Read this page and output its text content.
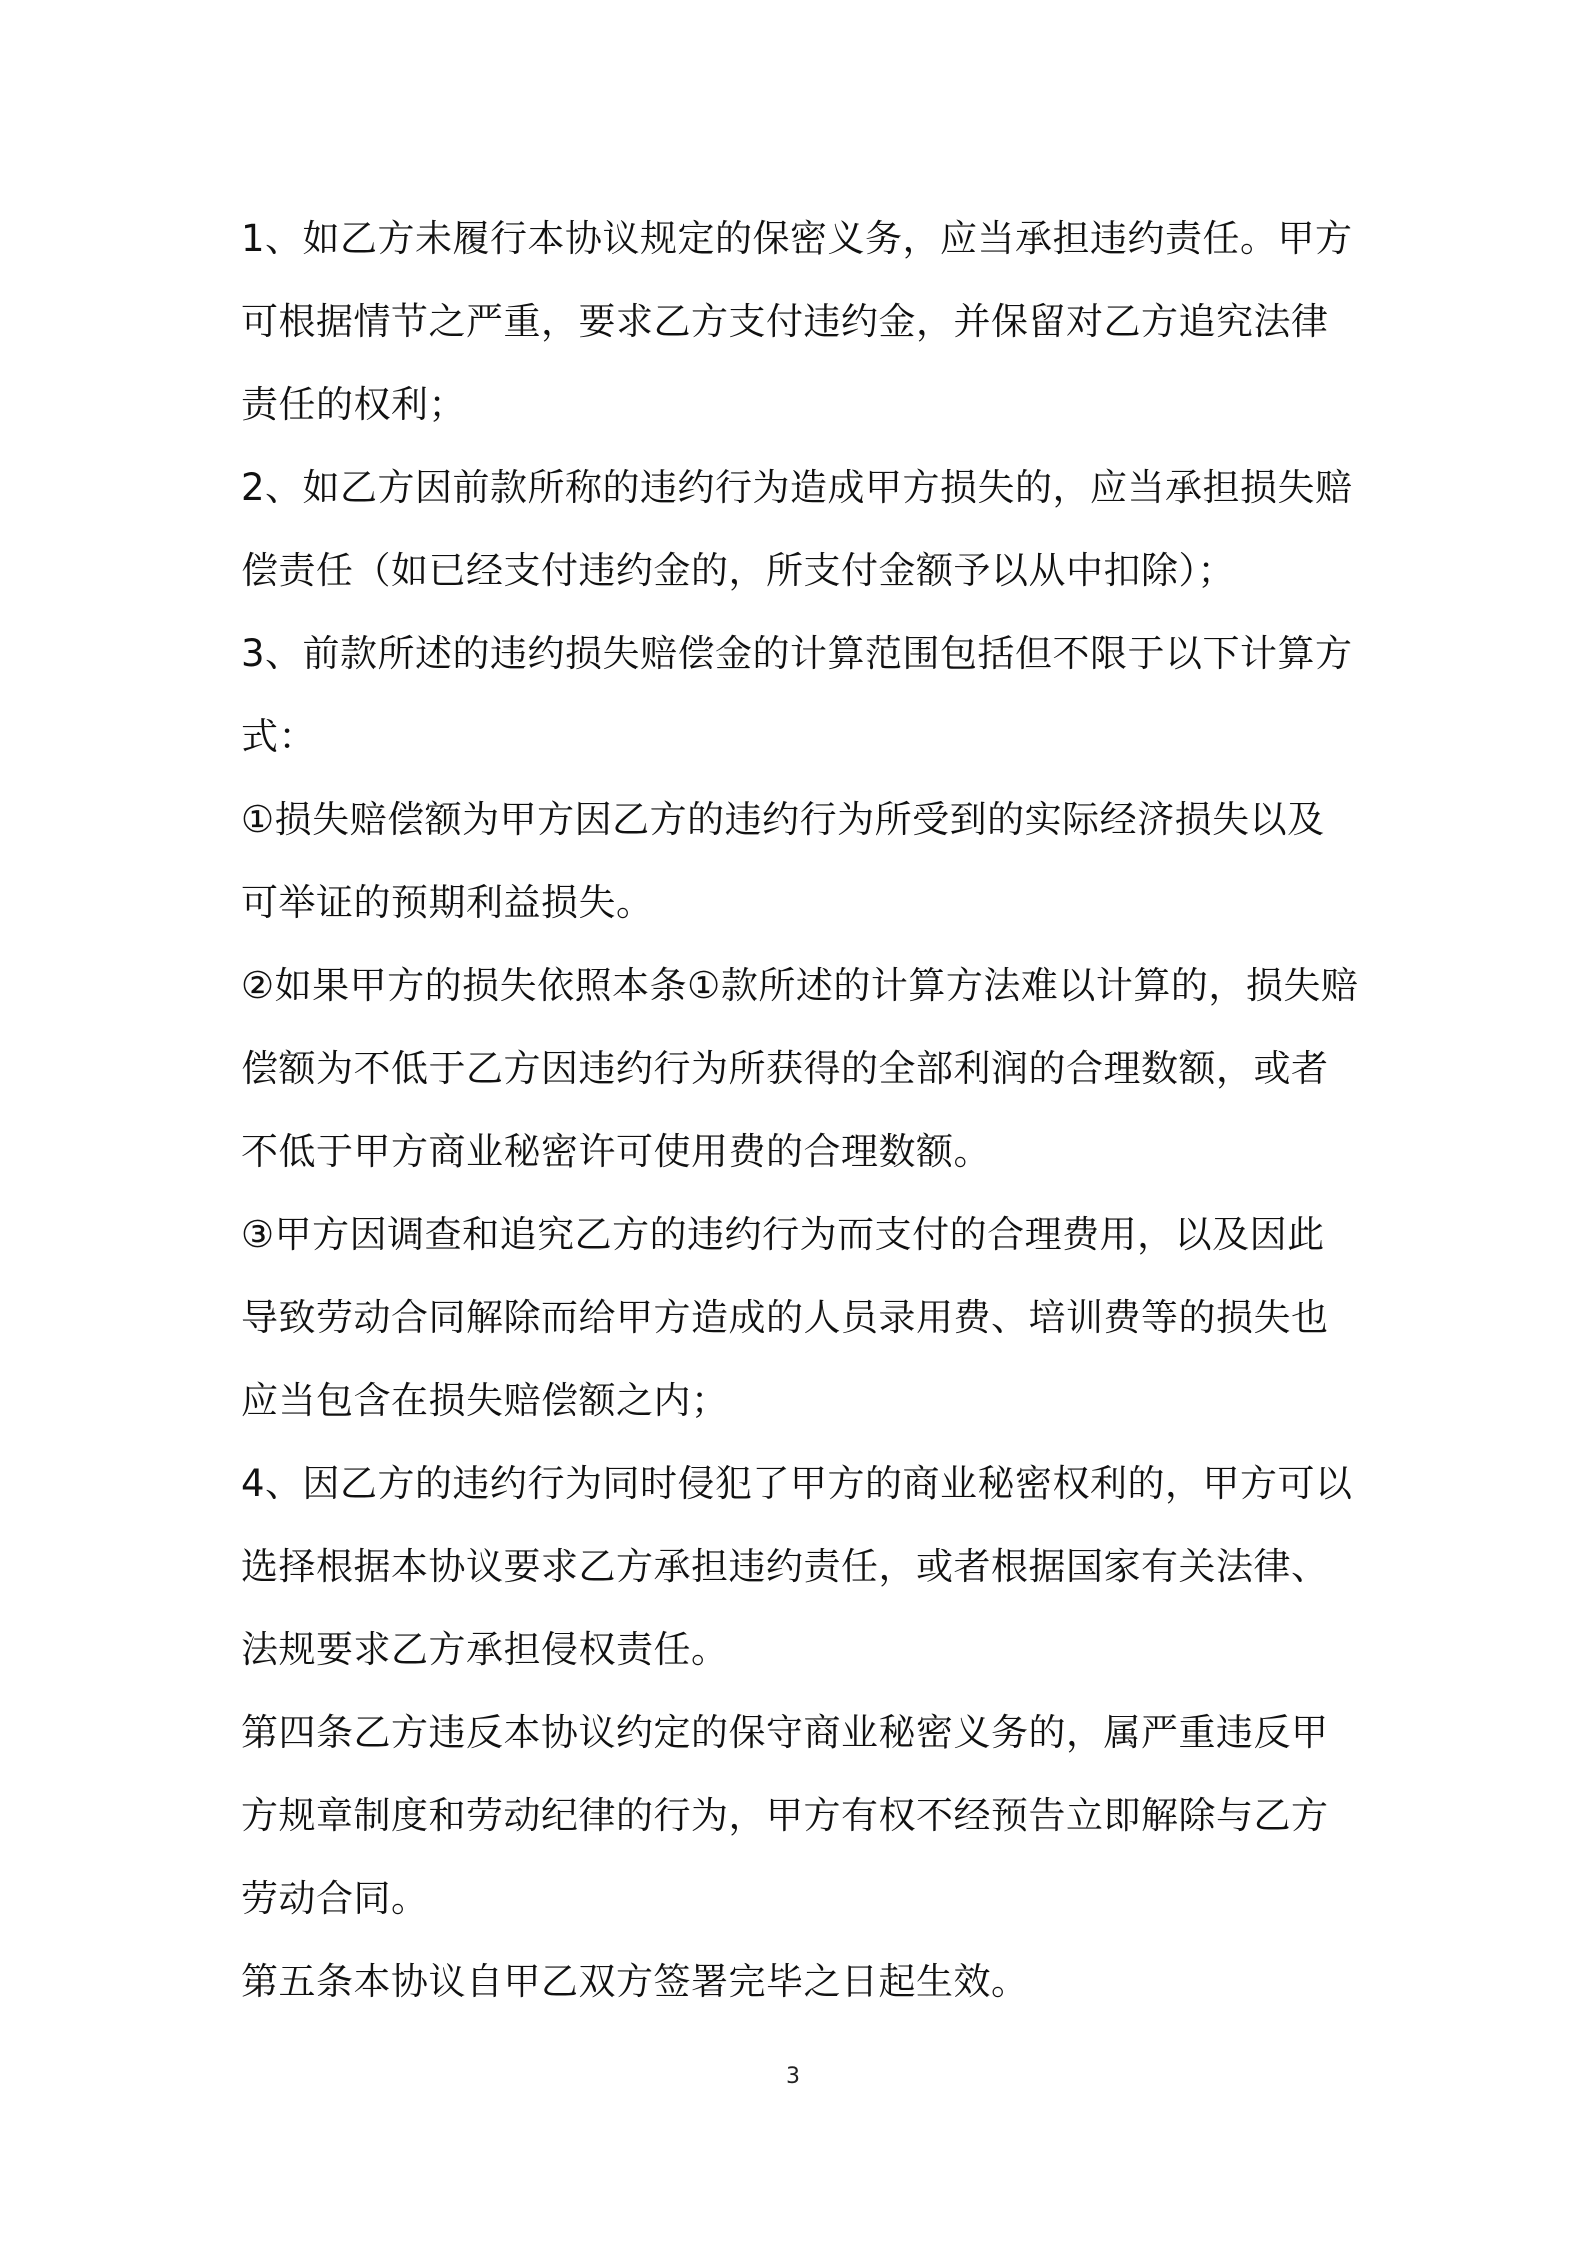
1、如乙方未履行本协议规定的保密义务，应当承担违约责任。甲方可根据情节之严重，要求乙方支付违约金，并保留对乙方追究法律责任的权利；

2、如乙方因前款所称的违约行为造成甲方损失的，应当承担损失赔偿责任（如已经支付违约金的，所支付金额予以从中扣除）；

3、前款所述的违约损失赔偿金的计算范围包括但不限于以下计算方式：

①损失赔偿额为甲方因乙方的违约行为所受到的实际经济损失以及可举证的预期利益损失。

②如果甲方的损失依照本条①款所述的计算方法难以计算的，损失赔偿额为不低于乙方因违约行为所获得的全部利润的合理数额，或者不低于甲方商业秘密许可使用费的合理数额。

③甲方因调查和追究乙方的违约行为而支付的合理费用，以及因此导致劳动合同解除而给甲方造成的人员录用费、培训费等的损失也应当包含在损失赔偿额之内；

4、因乙方的违约行为同时侵犯了甲方的商业秘密权利的，甲方可以选择根据本协议要求乙方承担违约责任，或者根据国家有关法律、法规要求乙方承担侵权责任。

第四条乙方违反本协议约定的保守商业秘密义务的，属严重违反甲方规章制度和劳动纪律的行为，甲方有权不经预告立即解除与乙方劳动合同。

第五条本协议自甲乙双方签署完毕之日起生效。

3
